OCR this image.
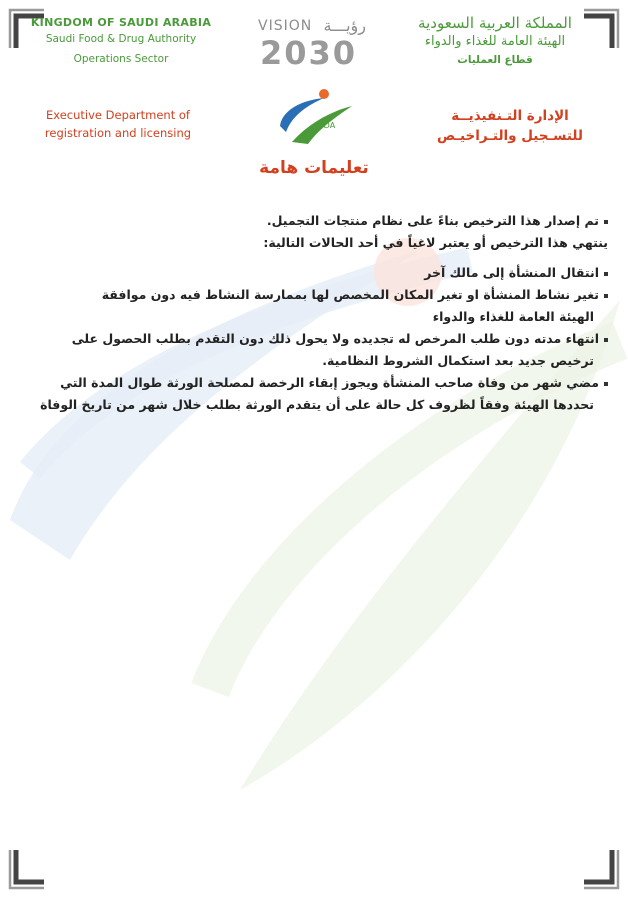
KINGDOM OF SAUDI ARABIA
Saudi Food & Drug Authority
Operations Sector
VISION رؤيـــة
2030
المملكة العربية السعودية
الهيئة العامة للغذاء والدواء
قطاع العمليات
Executive Department of
registration and licensing
SFDA
الإدارة التـنفيذيــة
للتسـجيل والتـراخيـص
تعليمات هامة
تم إصدار هذا الترخيص بناءً على نظام منتجات التجميل.
ينتهي هذا الترخيص أو يعتبر لاغياً في أحد الحالات التالية:
انتقال المنشأة إلى مالك آخر
تغير نشاط المنشأة او تغير المكان المخصص لها بممارسة النشاط فيه دون موافقة
الهيئة العامة للغذاء والدواء
انتهاء مدته دون طلب المرخص له تجديده ولا يحول ذلك دون التقدم بطلب الحصول على
ترخيص جديد بعد استكمال الشروط النظامية.
مضي شهر من وفاة صاحب المنشأة ويجوز إبقاء الرخصة لمصلحة الورثة طوال المدة التي
تحددها الهيئة وفقاً لظروف كل حالة على أن يتقدم الورثة بطلب خلال شهر من تاريخ الوفاة
